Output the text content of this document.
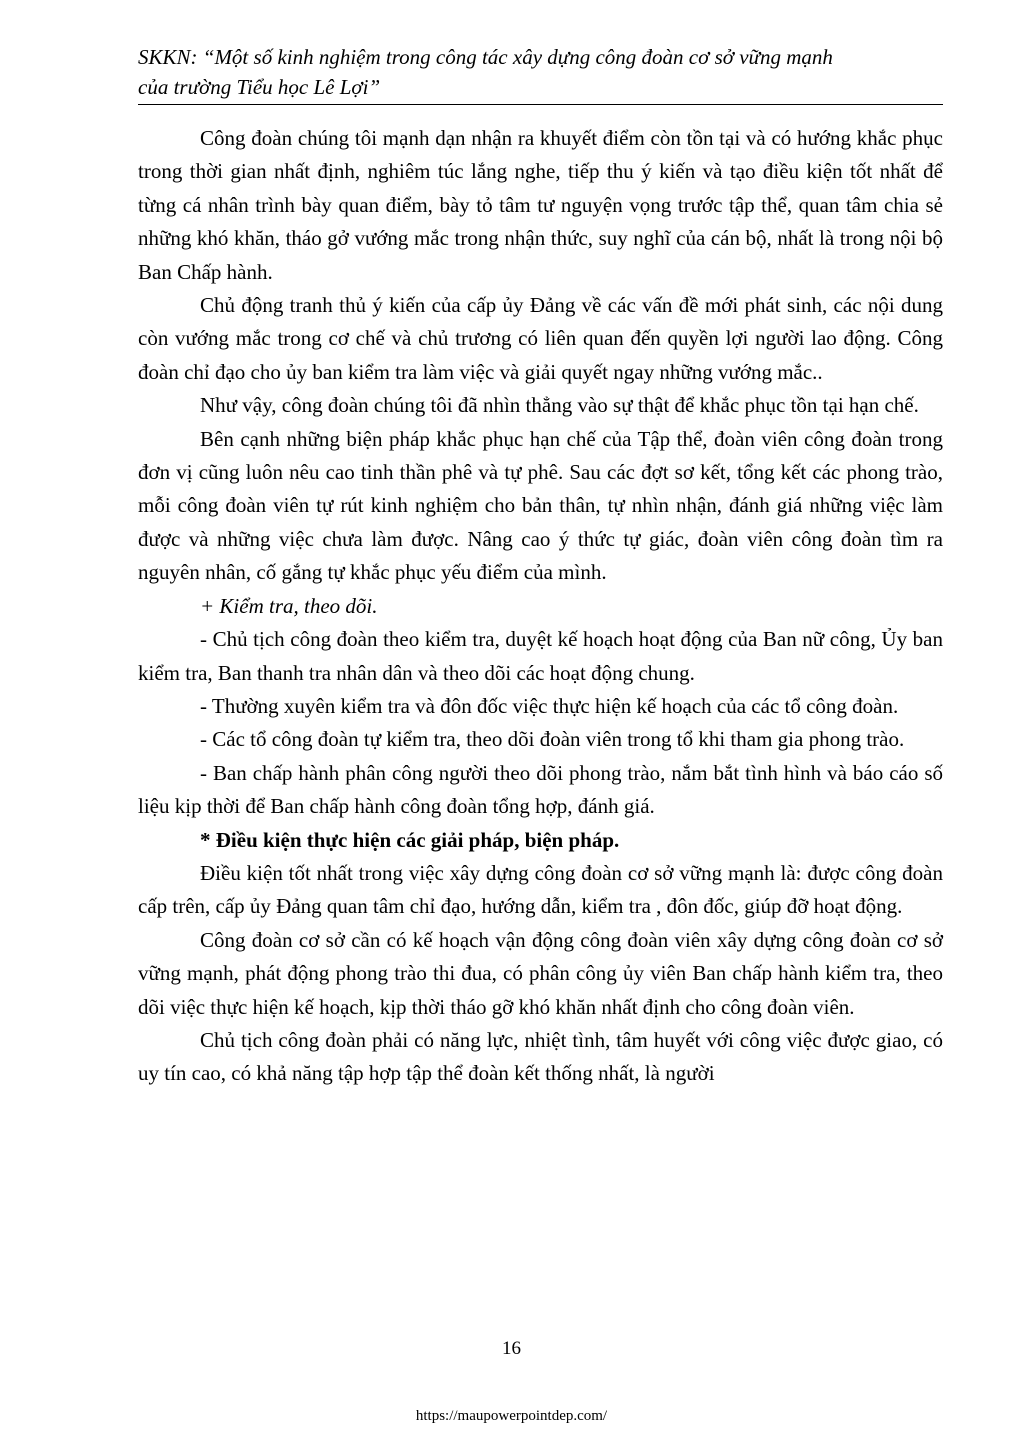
SKKN: “Một số kinh nghiệm trong công tác xây dựng công đoàn cơ sở vững mạnh
của trường Tiểu học Lê Lợi”

Công đoàn chúng tôi mạnh dạn nhận ra khuyết điểm còn tồn tại và có hướng khắc phục trong thời gian nhất định, nghiêm túc lắng nghe, tiếp thu ý kiến và tạo điều kiện tốt nhất để từng cá nhân trình bày quan điểm, bày tỏ tâm tư nguyện vọng trước tập thể, quan tâm chia sẻ những khó khăn, tháo gở vướng mắc trong nhận thức, suy nghĩ của cán bộ, nhất là trong nội bộ Ban Chấp hành.

Chủ động tranh thủ ý kiến của cấp ủy Đảng về các vấn đề mới phát sinh, các nội dung còn vướng mắc trong cơ chế và chủ trương có liên quan đến quyền lợi người lao động. Công đoàn chỉ đạo cho ủy ban kiểm tra làm việc và giải quyết ngay những vướng mắc..

Như vậy, công đoàn chúng tôi đã nhìn thẳng vào sự thật để khắc phục tồn tại hạn chế.

Bên cạnh những biện pháp khắc phục hạn chế của Tập thể, đoàn viên công đoàn trong đơn vị cũng luôn nêu cao tinh thần phê và tự phê. Sau các đợt sơ kết, tổng kết các phong trào, mỗi công đoàn viên tự rút kinh nghiệm cho bản thân, tự nhìn nhận, đánh giá những việc làm được và những việc chưa làm được. Nâng cao ý thức tự giác, đoàn viên công đoàn tìm ra nguyên nhân, cố gắng tự khắc phục yếu điểm của mình.

+ Kiểm tra, theo dõi.

- Chủ tịch công đoàn theo kiểm tra, duyệt kế hoạch hoạt động của Ban nữ công, Ủy ban kiểm tra, Ban thanh tra nhân dân và theo dõi các hoạt động chung.

- Thường xuyên kiểm tra và đôn đốc việc thực hiện kế hoạch của các tổ công đoàn.

- Các tổ công đoàn tự kiểm tra, theo dõi đoàn viên trong tổ khi tham gia phong trào.

- Ban chấp hành phân công người theo dõi phong trào, nắm bắt tình hình và báo cáo số liệu kịp thời để Ban chấp hành công đoàn tổng hợp, đánh giá.

* Điều kiện thực hiện các giải pháp, biện pháp.

Điều kiện tốt nhất trong việc xây dựng công đoàn cơ sở vững mạnh là: được công đoàn cấp trên, cấp ủy Đảng quan tâm chỉ đạo, hướng dẫn, kiểm tra , đôn đốc, giúp đỡ hoạt động.

Công đoàn cơ sở cần có kế hoạch vận động công đoàn viên xây dựng công đoàn cơ sở vững mạnh, phát động phong trào thi đua, có phân công ủy viên Ban chấp hành kiểm tra, theo dõi việc thực hiện kế hoạch, kịp thời tháo gỡ khó khăn nhất định cho công đoàn viên.

Chủ tịch công đoàn phải có năng lực, nhiệt tình, tâm huyết với công việc được giao, có uy tín cao, có khả năng tập hợp tập thể đoàn kết thống nhất, là người

16
https://maupowerpointdep.com/
